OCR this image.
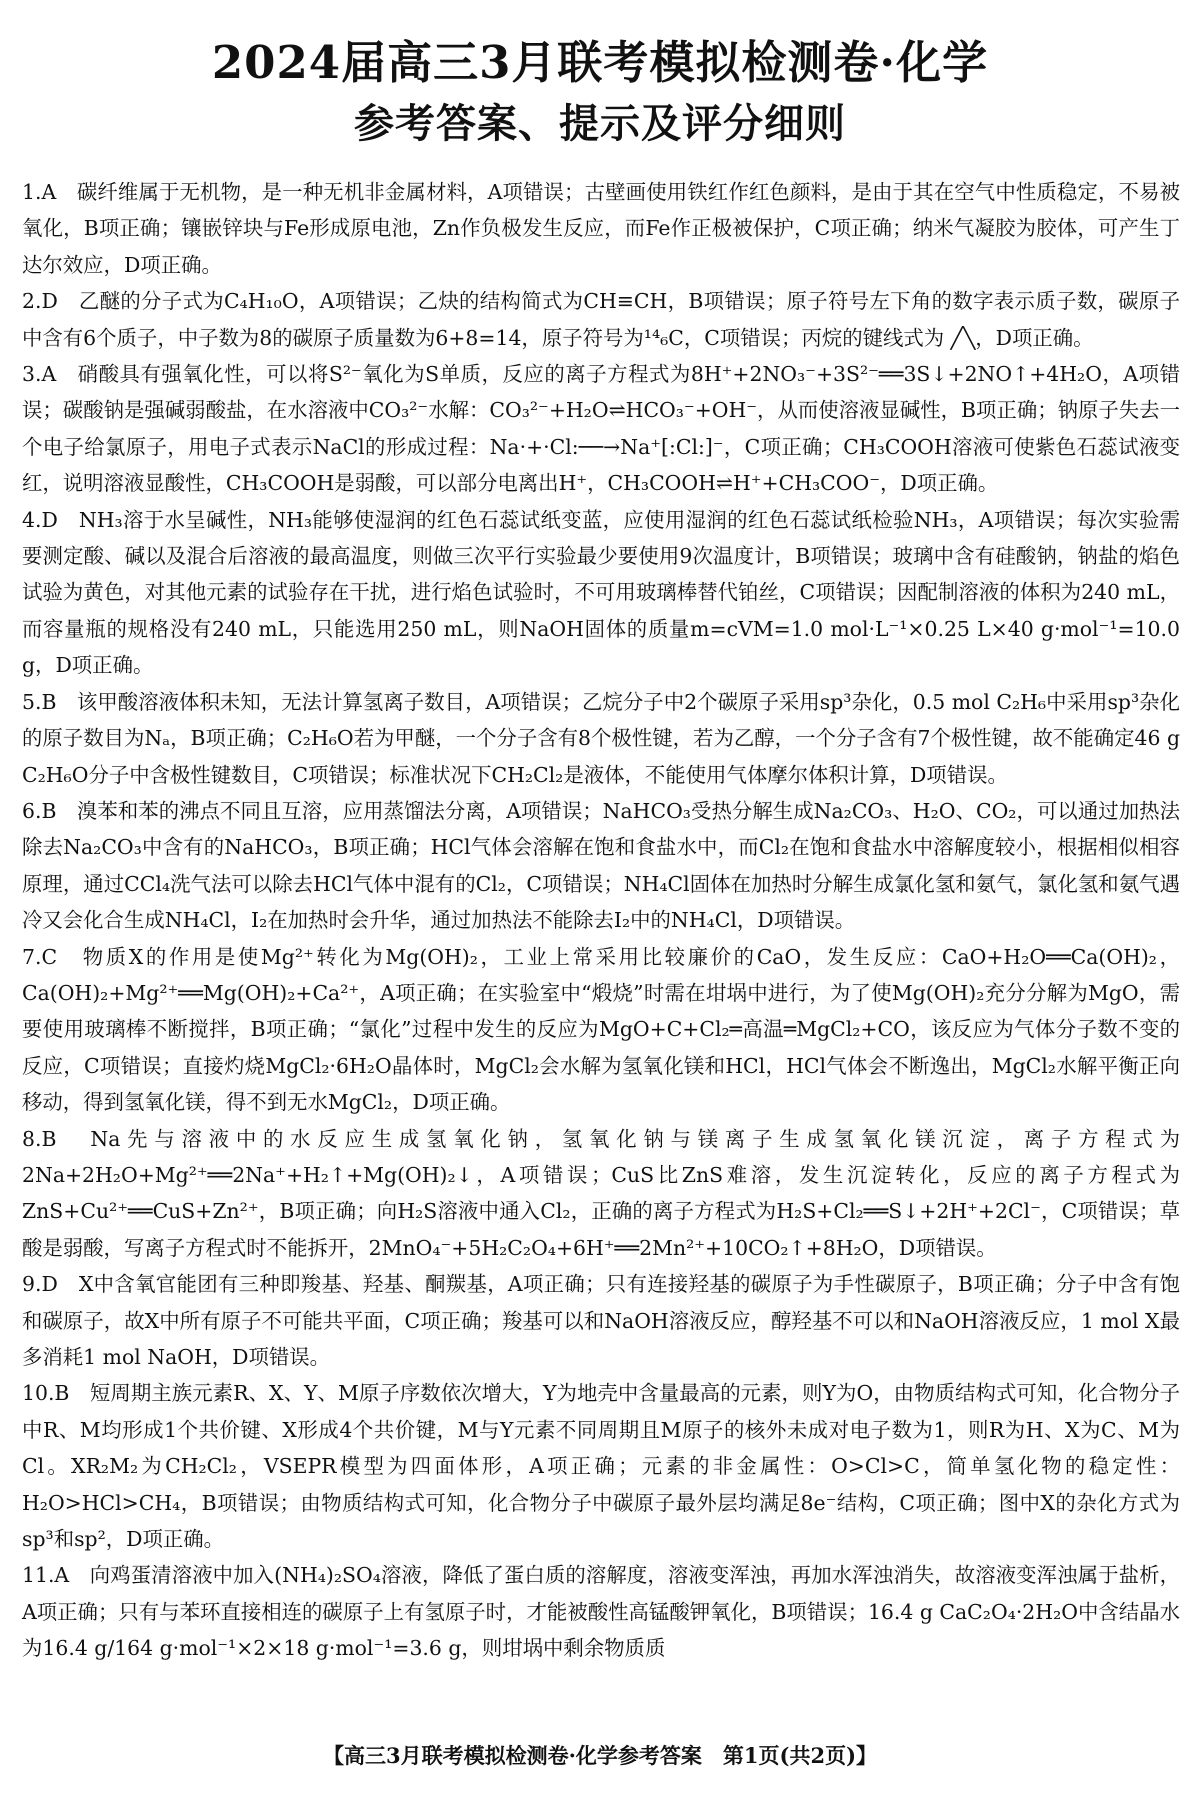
2024届高三3月联考模拟检测卷·化学
参考答案、提示及评分细则

1.A　碳纤维属于无机物，是一种无机非金属材料，A项错误；古壁画使用铁红作红色颜料，是由于其在空气中性质稳定，不易被氧化，B项正确；镶嵌锌块与Fe形成原电池，Zn作负极发生反应，而Fe作正极被保护，C项正确；纳米气凝胶为胶体，可产生丁达尔效应，D项正确。

2.D　乙醚的分子式为C₄H₁₀O，A项错误；乙炔的结构简式为CH≡CH，B项错误；原子符号左下角的数字表示质子数，碳原子中含有6个质子，中子数为8的碳原子质量数为6+8=14，原子符号为¹⁴₆C，C项错误；丙烷的键线式为 ╱╲，D项正确。

3.A　硝酸具有强氧化性，可以将S²⁻氧化为S单质，反应的离子方程式为8H⁺+2NO₃⁻+3S²⁻══3S↓+2NO↑+4H₂O，A项错误；碳酸钠是强碱弱酸盐，在水溶液中CO₃²⁻水解：CO₃²⁻+H₂O⇌HCO₃⁻+OH⁻，从而使溶液显碱性，B项正确；钠原子失去一个电子给氯原子，用电子式表示NaCl的形成过程：Na·+·Cl:──→Na⁺[:Cl:]⁻，C项正确；CH₃COOH溶液可使紫色石蕊试液变红，说明溶液显酸性，CH₃COOH是弱酸，可以部分电离出H⁺，CH₃COOH⇌H⁺+CH₃COO⁻，D项正确。

4.D　NH₃溶于水呈碱性，NH₃能够使湿润的红色石蕊试纸变蓝，应使用湿润的红色石蕊试纸检验NH₃，A项错误；每次实验需要测定酸、碱以及混合后溶液的最高温度，则做三次平行实验最少要使用9次温度计，B项错误；玻璃中含有硅酸钠，钠盐的焰色试验为黄色，对其他元素的试验存在干扰，进行焰色试验时，不可用玻璃棒替代铂丝，C项错误；因配制溶液的体积为240 mL，而容量瓶的规格没有240 mL，只能选用250 mL，则NaOH固体的质量m=cVM=1.0 mol·L⁻¹×0.25 L×40 g·mol⁻¹=10.0 g，D项正确。

5.B　该甲酸溶液体积未知，无法计算氢离子数目，A项错误；乙烷分子中2个碳原子采用sp³杂化，0.5 mol C₂H₆中采用sp³杂化的原子数目为Nₐ，B项正确；C₂H₆O若为甲醚，一个分子含有8个极性键，若为乙醇，一个分子含有7个极性键，故不能确定46 g C₂H₆O分子中含极性键数目，C项错误；标准状况下CH₂Cl₂是液体，不能使用气体摩尔体积计算，D项错误。

6.B　溴苯和苯的沸点不同且互溶，应用蒸馏法分离，A项错误；NaHCO₃受热分解生成Na₂CO₃、H₂O、CO₂，可以通过加热法除去Na₂CO₃中含有的NaHCO₃，B项正确；HCl气体会溶解在饱和食盐水中，而Cl₂在饱和食盐水中溶解度较小，根据相似相容原理，通过CCl₄洗气法可以除去HCl气体中混有的Cl₂，C项错误；NH₄Cl固体在加热时分解生成氯化氢和氨气，氯化氢和氨气遇冷又会化合生成NH₄Cl，I₂在加热时会升华，通过加热法不能除去I₂中的NH₄Cl，D项错误。

7.C　物质X的作用是使Mg²⁺转化为Mg(OH)₂，工业上常采用比较廉价的CaO，发生反应：CaO+H₂O══Ca(OH)₂，Ca(OH)₂+Mg²⁺══Mg(OH)₂+Ca²⁺，A项正确；在实验室中“煅烧”时需在坩埚中进行，为了使Mg(OH)₂充分分解为MgO，需要使用玻璃棒不断搅拌，B项正确；“氯化”过程中发生的反应为MgO+C+Cl₂═高温═MgCl₂+CO，该反应为气体分子数不变的反应，C项错误；直接灼烧MgCl₂·6H₂O晶体时，MgCl₂会水解为氢氧化镁和HCl，HCl气体会不断逸出，MgCl₂水解平衡正向移动，得到氢氧化镁，得不到无水MgCl₂，D项正确。

8.B　Na先与溶液中的水反应生成氢氧化钠，氢氧化钠与镁离子生成氢氧化镁沉淀，离子方程式为2Na+2H₂O+Mg²⁺══2Na⁺+H₂↑+Mg(OH)₂↓，A项错误；CuS比ZnS难溶，发生沉淀转化，反应的离子方程式为ZnS+Cu²⁺══CuS+Zn²⁺，B项正确；向H₂S溶液中通入Cl₂，正确的离子方程式为H₂S+Cl₂══S↓+2H⁺+2Cl⁻，C项错误；草酸是弱酸，写离子方程式时不能拆开，2MnO₄⁻+5H₂C₂O₄+6H⁺══2Mn²⁺+10CO₂↑+8H₂O，D项错误。

9.D　X中含氧官能团有三种即羧基、羟基、酮羰基，A项正确；只有连接羟基的碳原子为手性碳原子，B项正确；分子中含有饱和碳原子，故X中所有原子不可能共平面，C项正确；羧基可以和NaOH溶液反应，醇羟基不可以和NaOH溶液反应，1 mol X最多消耗1 mol NaOH，D项错误。

10.B　短周期主族元素R、X、Y、M原子序数依次增大，Y为地壳中含量最高的元素，则Y为O，由物质结构式可知，化合物分子中R、M均形成1个共价键、X形成4个共价键，M与Y元素不同周期且M原子的核外未成对电子数为1，则R为H、X为C、M为Cl。XR₂M₂为CH₂Cl₂，VSEPR模型为四面体形，A项正确；元素的非金属性：O>Cl>C，简单氢化物的稳定性：H₂O>HCl>CH₄，B项错误；由物质结构式可知，化合物分子中碳原子最外层均满足8e⁻结构，C项正确；图中X的杂化方式为sp³和sp²，D项正确。

11.A　向鸡蛋清溶液中加入(NH₄)₂SO₄溶液，降低了蛋白质的溶解度，溶液变浑浊，再加水浑浊消失，故溶液变浑浊属于盐析，A项正确；只有与苯环直接相连的碳原子上有氢原子时，才能被酸性高锰酸钾氧化，B项错误；16.4 g CaC₂O₄·2H₂O中含结晶水为16.4 g/164 g·mol⁻¹×2×18 g·mol⁻¹=3.6 g，则坩埚中剩余物质质

【高三3月联考模拟检测卷·化学参考答案　第1页(共2页)】
